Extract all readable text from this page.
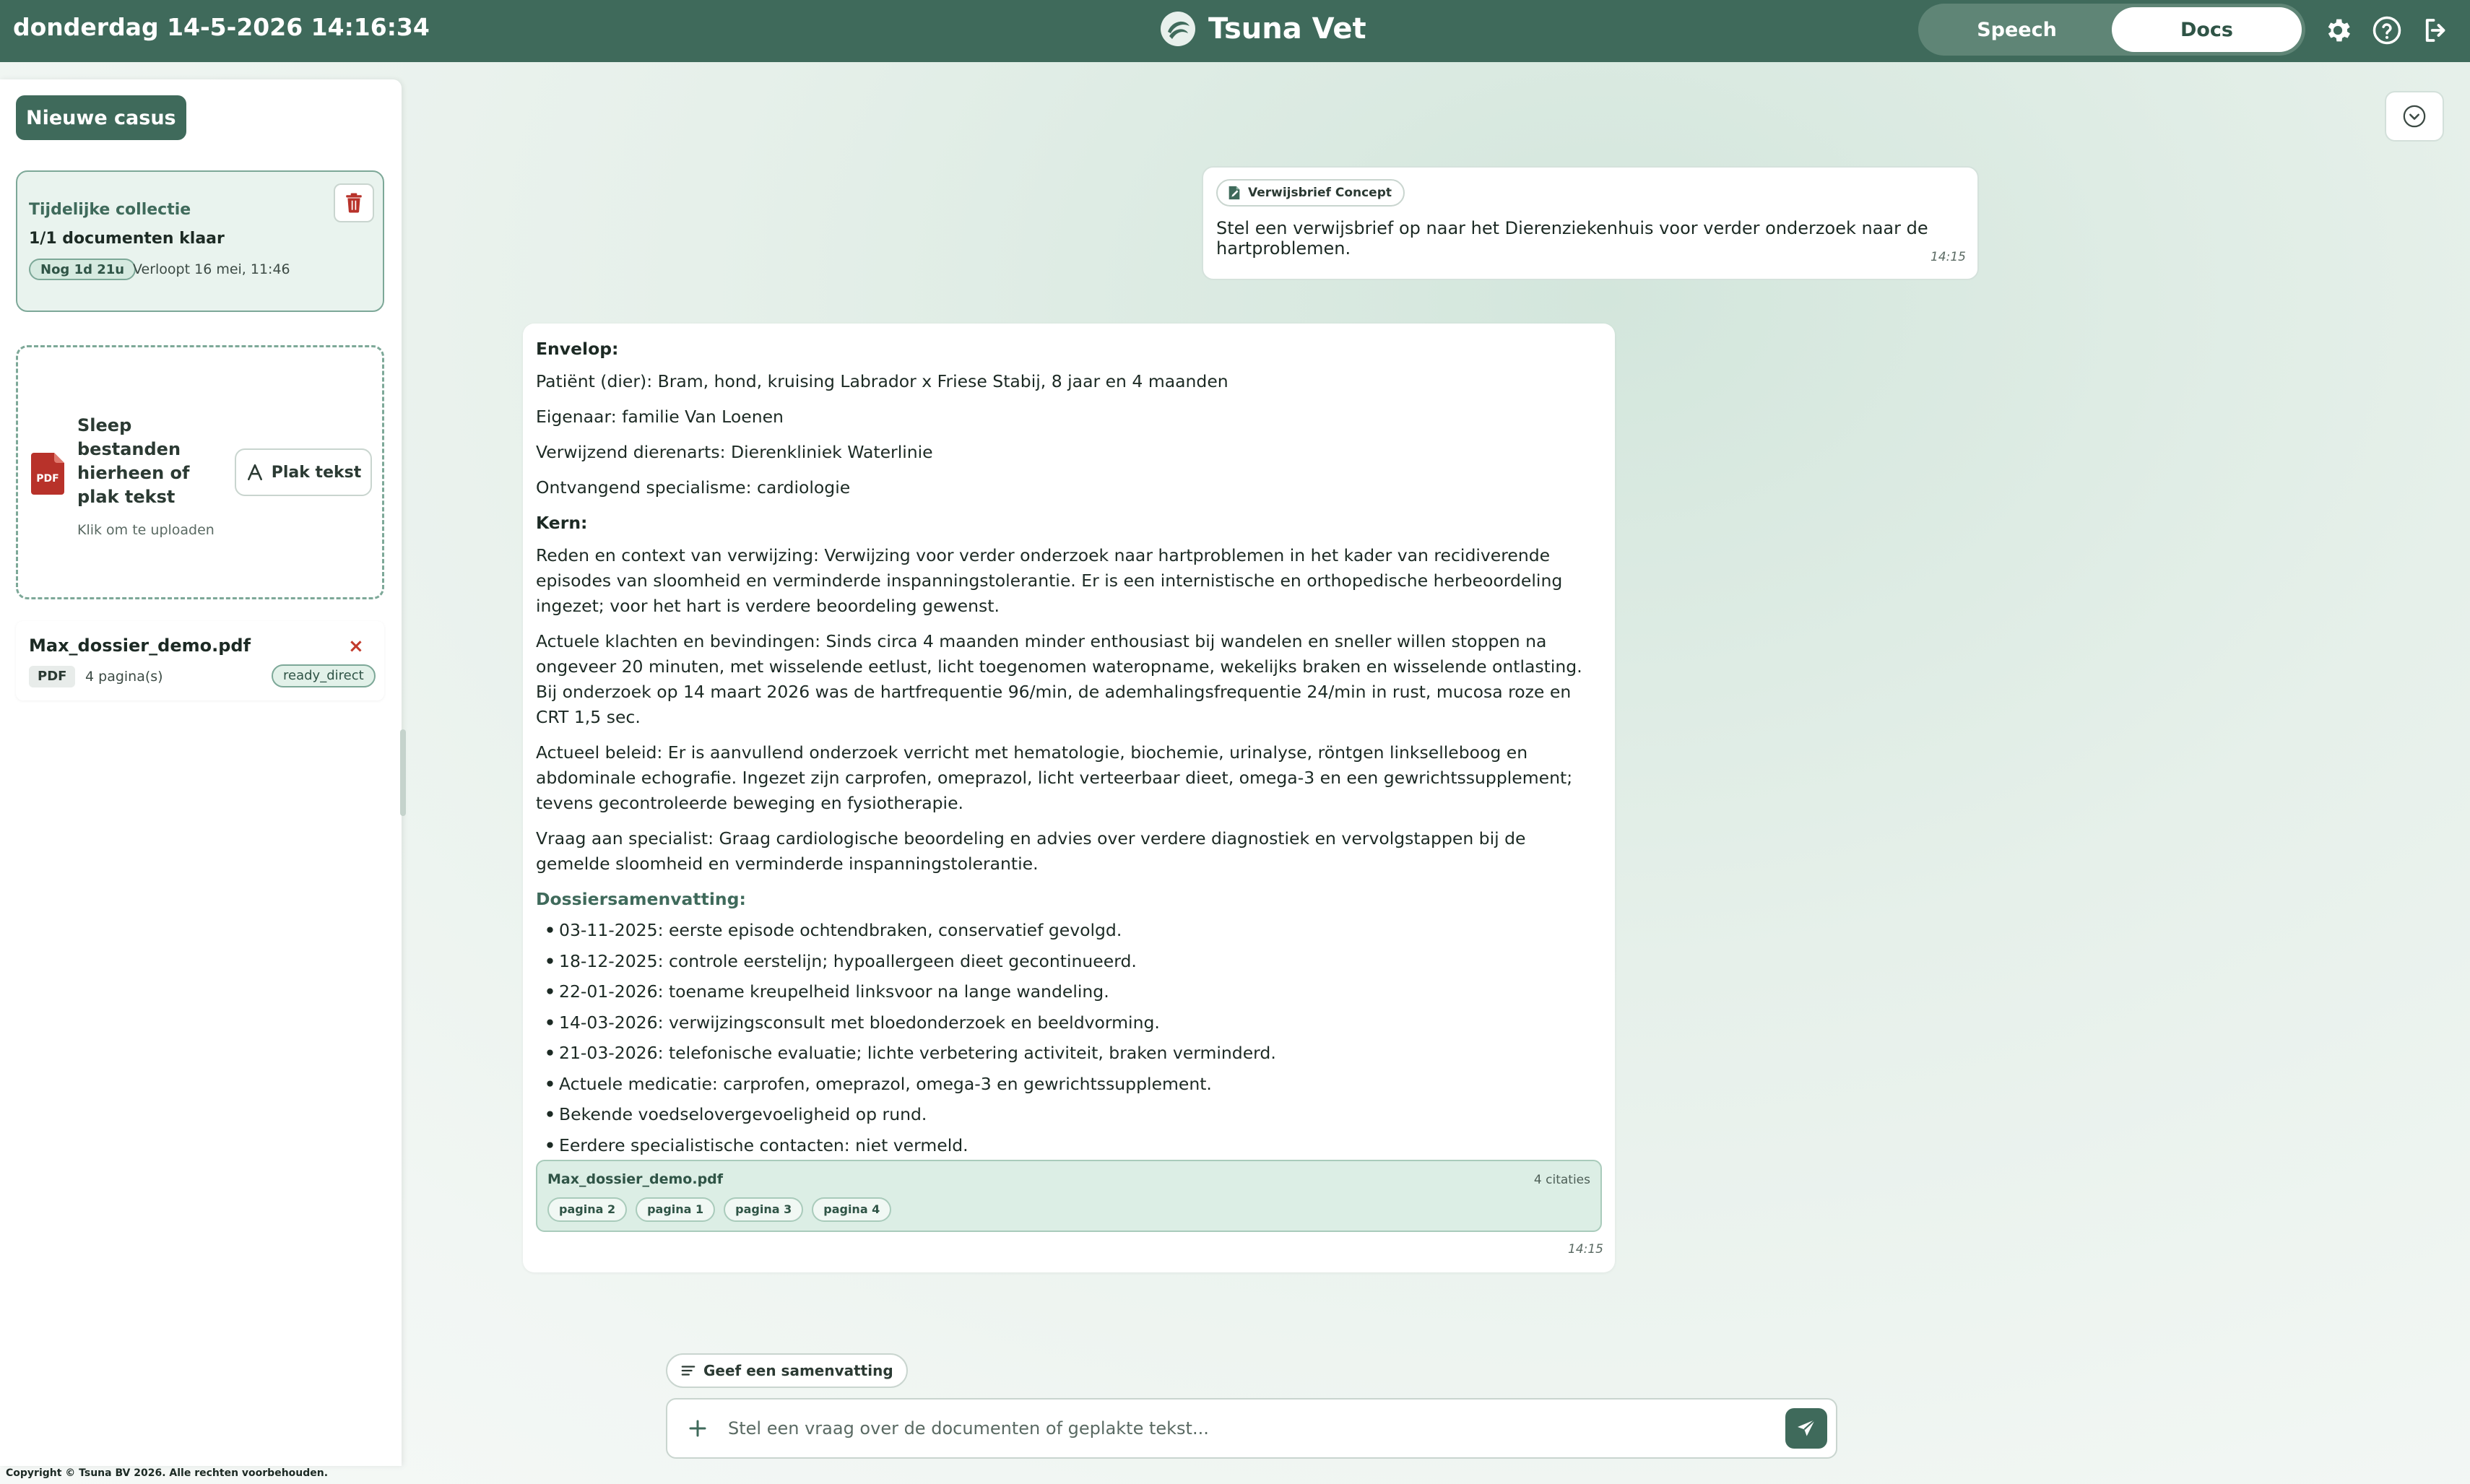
donderdag 14-5-2026 14:16:34	Tsuna Vet	Speech	Docs
Nieuwe casus
Tijdelijke collectie
1/1 documenten klaar
Nog 1d 21u Verloopt 16 mei, 11:46
PDF
Sleep bestanden hierheen of plak tekst
Klik om te uploaden
Plak tekst
Max_dossier_demo.pdf	×
PDF	4 pagina(s)	ready_direct
Copyright © Tsuna BV 2026. Alle rechten voorbehouden.
Verwijsbrief Concept
Stel een verwijsbrief op naar het Dierenziekenhuis voor verder onderzoek naar de hartproblemen.	14:15

Envelop:

Patiënt (dier): Bram, hond, kruising Labrador x Friese Stabij, 8 jaar en 4 maanden

Eigenaar: familie Van Loenen

Verwijzend dierenarts: Dierenkliniek Waterlinie

Ontvangend specialisme: cardiologie

Kern:

Reden en context van verwijzing: Verwijzing voor verder onderzoek naar hartproblemen in het kader van recidiverende episodes van sloomheid en verminderde inspanningstolerantie. Er is een internistische en orthopedische herbeoordeling ingezet; voor het hart is verdere beoordeling gewenst.

Actuele klachten en bevindingen: Sinds circa 4 maanden minder enthousiast bij wandelen en sneller willen stoppen na ongeveer 20 minuten, met wisselende eetlust, licht toegenomen wateropname, wekelijks braken en wisselende ontlasting. Bij onderzoek op 14 maart 2026 was de hartfrequentie 96/min, de ademhalingsfrequentie 24/min in rust, mucosa roze en CRT 1,5 sec.

Actueel beleid: Er is aanvullend onderzoek verricht met hematologie, biochemie, urinalyse, röntgen linkselleboog en abdominale echografie. Ingezet zijn carprofen, omeprazol, licht verteerbaar dieet, omega-3 en een gewrichtssupplement; tevens gecontroleerde beweging en fysiotherapie.

Vraag aan specialist: Graag cardiologische beoordeling en advies over verdere diagnostiek en vervolgstappen bij de gemelde sloomheid en verminderde inspanningstolerantie.

Dossiersamenvatting:

• 03-11-2025: eerste episode ochtendbraken, conservatief gevolgd.
• 18-12-2025: controle eerstelijn; hypoallergeen dieet gecontinueerd.
• 22-01-2026: toename kreupelheid linksvoor na lange wandeling.
• 14-03-2026: verwijzingsconsult met bloedonderzoek en beeldvorming.
• 21-03-2026: telefonische evaluatie; lichte verbetering activiteit, braken verminderd.
• Actuele medicatie: carprofen, omeprazol, omega-3 en gewrichtssupplement.
• Bekende voedselovergevoeligheid op rund.
• Eerdere specialistische contacten: niet vermeld.
Max_dossier_demo.pdf	4 citaties
pagina 2	pagina 1	pagina 3	pagina 4
14:15
Geef een samenvatting
Stel een vraag over de documenten of geplakte tekst...
